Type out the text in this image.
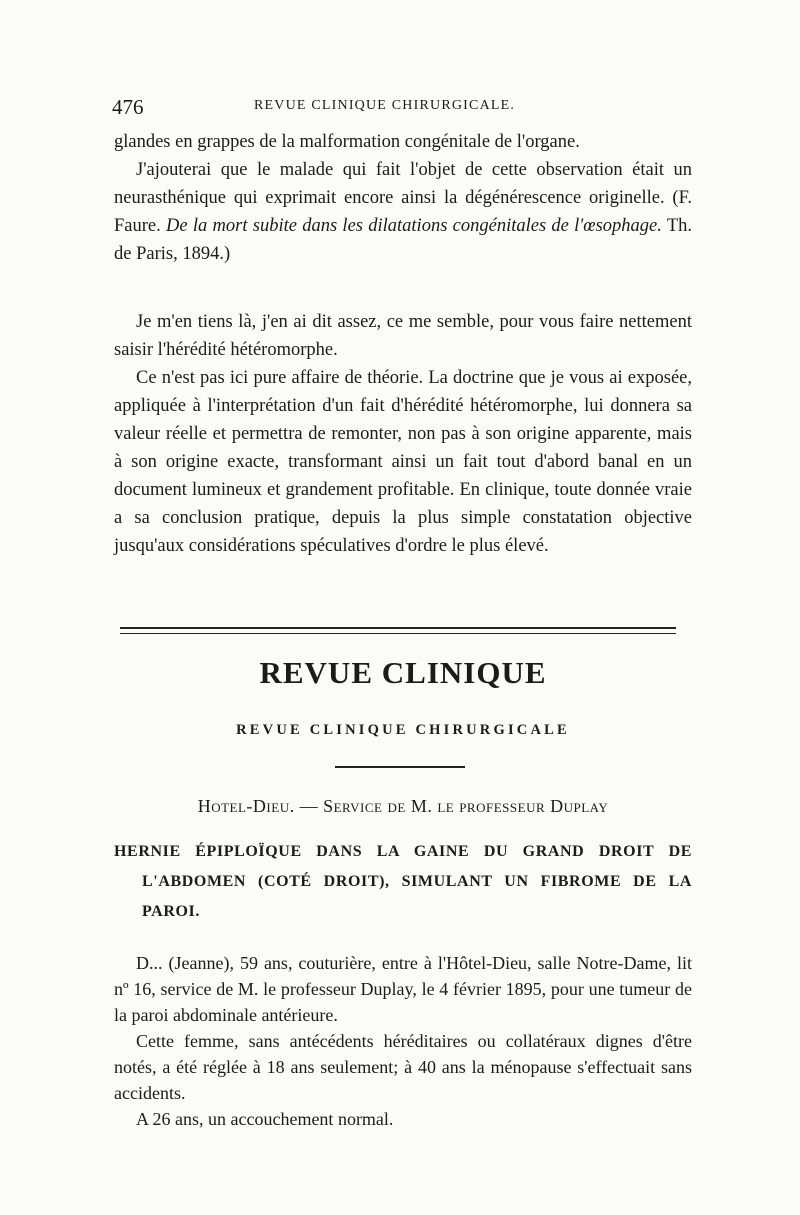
476	REVUE CLINIQUE CHIRURGICALE.

glandes en grappes de la malformation congénitale de l'organe.

J'ajouterai que le malade qui fait l'objet de cette observation était un neurasthénique qui exprimait encore ainsi la dégénérescence originelle. (F. Faure. De la mort subite dans les dilatations congénitales de l'œsophage. Th. de Paris, 1894.)

Je m'en tiens là, j'en ai dit assez, ce me semble, pour vous faire nettement saisir l'hérédité hétéromorphe.

Ce n'est pas ici pure affaire de théorie. La doctrine que je vous ai exposée, appliquée à l'interprétation d'un fait d'hérédité hétéromorphe, lui donnera sa valeur réelle et permettra de remonter, non pas à son origine apparente, mais à son origine exacte, transformant ainsi un fait tout d'abord banal en un document lumineux et grandement profitable. En clinique, toute donnée vraie a sa conclusion pratique, depuis la plus simple constatation objective jusqu'aux considérations spéculatives d'ordre le plus élevé.

REVUE CLINIQUE
REVUE CLINIQUE CHIRURGICALE
Hotel-Dieu. — Service de M. le professeur Duplay
HERNIE ÉPIPLOÏQUE DANS LA GAINE DU GRAND DROIT DE
L'ABDOMEN (COTÉ DROIT), SIMULANT UN FIBROME DE LA
PAROI.

D... (Jeanne), 59 ans, couturière, entre à l'Hôtel-Dieu, salle Notre-Dame, lit nº 16, service de M. le professeur Duplay, le 4 février 1895, pour une tumeur de la paroi abdominale antérieure.

Cette femme, sans antécédents héréditaires ou collatéraux dignes d'être notés, a été réglée à 18 ans seulement; à 40 ans la ménopause s'effectuait sans accidents.

A 26 ans, un accouchement normal.
